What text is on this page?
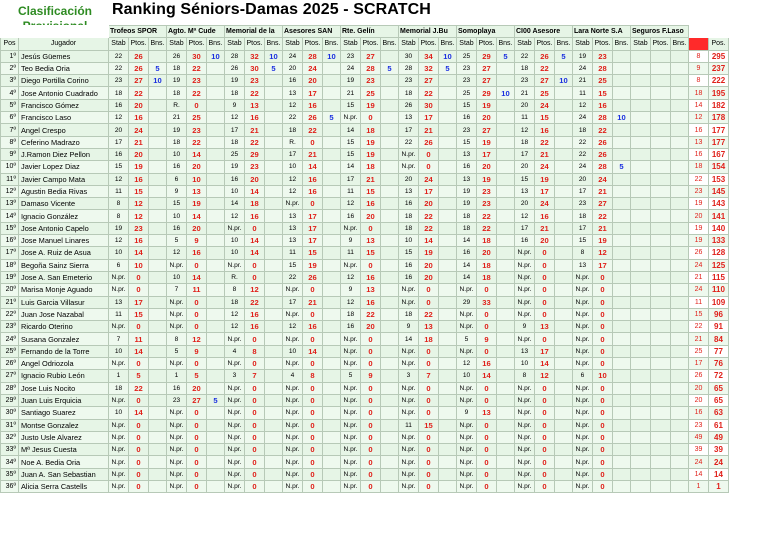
Clasificación	Ranking Séniors-Damas 2025 - SCRATCH
		Trofeos SPOR			Agto. Mª Cude			Memorial de la			Asesores SAN			Rte. Gelín			Memorial J.Bu			Somoplaya			CI00 Asesore			Lara Norte S.A			Seguros F.Laso				
Pos	Jugador	Stab	Ptos.	Bns.	Stab	Ptos.	Bns.	Stab	Ptos.	Bns.	Stab	Ptos.	Bns.	Stab	Ptos.	Bns.	Stab	Ptos.	Bns.	Stab	Ptos.	Bns.	Stab	Ptos.	Bns.	Stab	Ptos.	Bns.	Stab	Ptos.	Bns.		Pos.
1º	Jesús Güemes	22	26		26	30	10	28	32	10	24	28	10	23	27		30	34	10	25	29	5	22	26	5	19	23					8	295
2º	Teo Bedia Oria	22	26	5	18	22		26	30	5	20	24		24	28	5	28	32	5	23	27		18	22		24	28					9	237
3º	Diego Portilla Corino	23	27	10	19	23		19	23		16	20		19	23		23	27		23	27		23	27	10	21	25					8	222
4º	Jose Antonio Cuadrado	18	22		18	22		18	22		13	17		21	25		18	22		25	29	10	21	25		11	15					18	195
5º	Francisco Gómez	16	20		R.	0		9	13		12	16		15	19		26	30		15	19		20	24		12	16					14	182
6º	Francisco Laso	12	16		21	25		12	16		22	26	5	N.pr.	0		13	17		16	20		11	15		24	28	10				12	178
7º	Angel Crespo	20	24		19	23		17	21		18	22		14	18		17	21		23	27		12	16		18	22					16	177
8º	Ceferino Madrazo	17	21		18	22		18	22		R.	0		15	19		22	26		15	19		18	22		22	26					13	177
9º	J.Ramon Diez Pellon	16	20		10	14		25	29		17	21		15	19		N.pr.	0		13	17		17	21		22	26					16	167
10º	Javier Lopez Diaz	15	19		16	20		19	23		10	14		14	18		N.pr.	0		16	20		20	24		24	28	5				18	154
11º	Javier Campo Mata	12	16		6	10		16	20		12	16		17	21		20	24		13	19		15	19		20	24					22	153
12º	Agustin Bedia Rivas	11	15		9	13		10	14		12	16		11	15		13	17		19	23		13	17		17	21					23	145
13º	Damaso Vicente	8	12		15	19		14	18		N.pr.	0		12	16		16	20		19	23		20	24		23	27					19	143
14º	Ignacio González	8	12		10	14		12	16		13	17		16	20		18	22		18	22		12	16		18	22					20	141
15º	Jose Antonio Capelo	19	23		16	20		N.pr.	0		13	17		N.pr.	0		18	22		18	22		17	21		17	21					19	140
16º	Jose Manuel Linares	12	16		5	9		10	14		13	17		9	13		10	14		14	18		16	20		15	19					19	133
17º	Jose A. Ruiz de Asua	10	14		12	16		10	14		11	15		11	15		15	19		16	20		N.pr.	0		8	12					26	128
18º	Begoña Sainz Sierra	6	10		N.pr.	0		N.pr.	0		15	19		N.pr.	0		16	20		14	18		N.pr.	0		13	17					24	125
19º	Jose A. San Emeterio	N.pr.	0		10	14		R.	0		22	26		12	16		16	20		14	18		N.pr.	0		N.pr.	0					21	115
20º	Marisa Monje Aguado	N.pr.	0		7	11		8	12		N.pr.	0		9	13		N.pr.	0		N.pr.	0		N.pr.	0		N.pr.	0					24	110
21º	Luis Garcia Villasur	13	17		N.pr.	0		18	22		17	21		12	16		N.pr.	0		29	33		N.pr.	0		N.pr.	0					11	109
22º	Juan Jose Nazabal	11	15		N.pr.	0		12	16		N.pr.	0		18	22		18	22		N.pr.	0		N.pr.	0		N.pr.	0					15	96
23º	Ricardo Oterino	N.pr.	0		N.pr.	0		12	16		12	16		16	20		9	13		N.pr.	0		9	13		N.pr.	0					22	91
24º	Susana Gonzalez	7	11		8	12		N.pr.	0		N.pr.	0		N.pr.	0		14	18		5	9		N.pr.	0		N.pr.	0					21	84
25º	Fernando de la Torre	10	14		5	9		4	8		10	14		N.pr.	0		N.pr.	0		N.pr.	0		13	17		N.pr.	0					25	77
26º	Angel Odriozola	N.pr.	0		N.pr.	0		N.pr.	0		N.pr.	0		N.pr.	0		N.pr.	0		12	16		10	14		N.pr.	0					17	76
27º	Ignacio Rubio León	1	5		1	5		3	7		4	8		5	9		3	7		10	14		8	12		6	10					26	72
28º	Jose Luis Nocito	18	22		16	20		N.pr.	0		N.pr.	0		N.pr.	0		N.pr.	0		N.pr.	0		N.pr.	0		N.pr.	0					20	65
29º	Juan Luis Erquicia	N.pr.	0		23	27	5	N.pr.	0		N.pr.	0		N.pr.	0		N.pr.	0		N.pr.	0		N.pr.	0		N.pr.	0					20	65
30º	Santiago Suarez	10	14		N.pr.	0		N.pr.	0		N.pr.	0		N.pr.	0		N.pr.	0		9	13		N.pr.	0		N.pr.	0					16	63
31º	Montse Gonzalez	N.pr.	0		N.pr.	0		N.pr.	0		N.pr.	0		N.pr.	0		11	15		N.pr.	0		N.pr.	0		N.pr.	0					23	61
32º	Justo Usle Alvarez	N.pr.	0		N.pr.	0		N.pr.	0		N.pr.	0		N.pr.	0		N.pr.	0		N.pr.	0		N.pr.	0		N.pr.	0					49	49
33º	Mª Jesus Cuesta	N.pr.	0		N.pr.	0		N.pr.	0		N.pr.	0		N.pr.	0		N.pr.	0		N.pr.	0		N.pr.	0		N.pr.	0					39	39
34º	Noe A. Bedia Oria	N.pr.	0		N.pr.	0		N.pr.	0		N.pr.	0		N.pr.	0		N.pr.	0		N.pr.	0		N.pr.	0		N.pr.	0					24	24
35º	Juan A. San Sebastian	N.pr.	0		N.pr.	0		N.pr.	0		N.pr.	0		N.pr.	0		N.pr.	0		N.pr.	0		N.pr.	0		N.pr.	0					14	14
36º	Alicia Serra Castells	N.pr.	0		N.pr.	0		N.pr.	0		N.pr.	0		N.pr.	0		N.pr.	0		N.pr.	0		N.pr.	0		N.pr.	0					1	1
